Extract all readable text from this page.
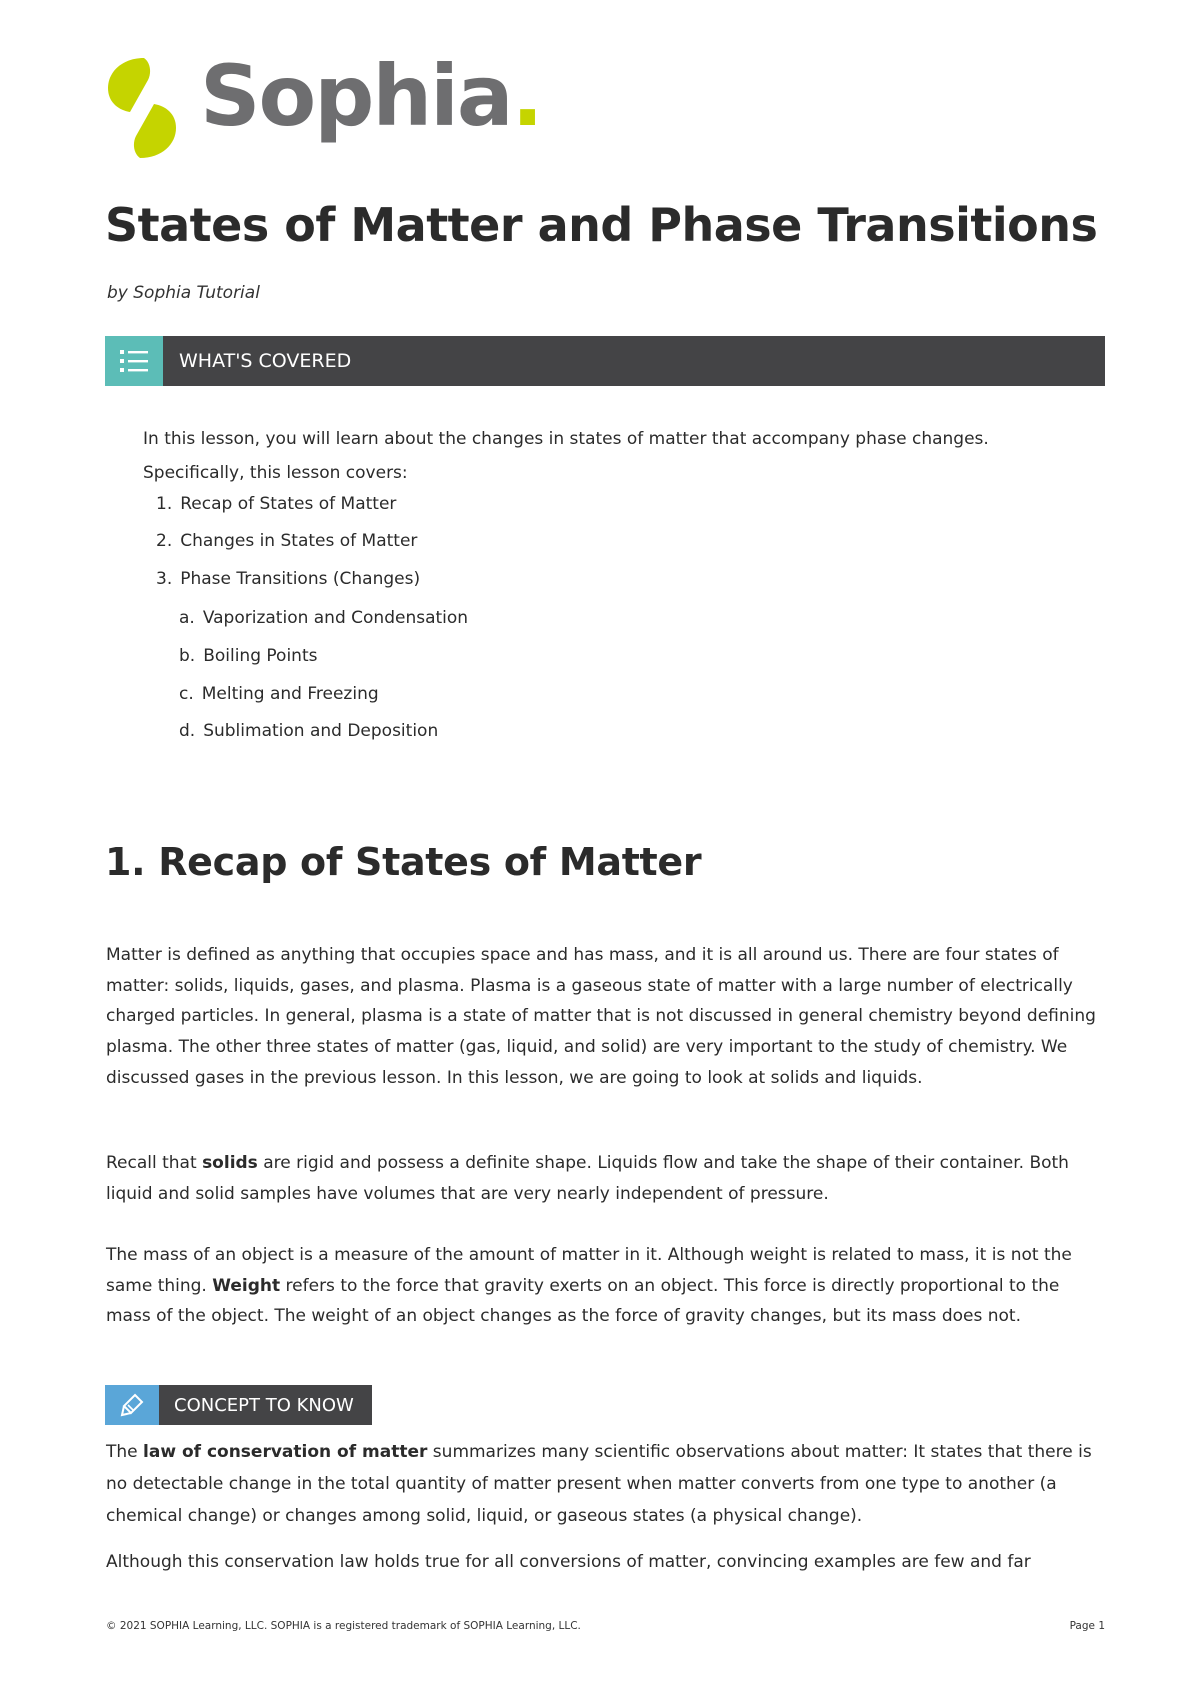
Sophia.
States of Matter and Phase Transitions
by Sophia Tutorial
WHAT'S COVERED

In this lesson, you will learn about the changes in states of matter that accompany phase changes. Specifically, this lesson covers:

1. Recap of States of Matter
2. Changes in States of Matter
3. Phase Transitions (Changes)
a. Vaporization and Condensation
b. Boiling Points
c. Melting and Freezing
d. Sublimation and Deposition
1. Recap of States of Matter

Matter is defined as anything that occupies space and has mass, and it is all around us. There are four states of matter: solids, liquids, gases, and plasma. Plasma is a gaseous state of matter with a large number of electrically charged particles. In general, plasma is a state of matter that is not discussed in general chemistry beyond defining plasma. The other three states of matter (gas, liquid, and solid) are very important to the study of chemistry. We discussed gases in the previous lesson. In this lesson, we are going to look at solids and liquids.

Recall that solids are rigid and possess a definite shape. Liquids flow and take the shape of their container. Both liquid and solid samples have volumes that are very nearly independent of pressure.

The mass of an object is a measure of the amount of matter in it. Although weight is related to mass, it is not the same thing. Weight refers to the force that gravity exerts on an object. This force is directly proportional to the mass of the object. The weight of an object changes as the force of gravity changes, but its mass does not.

CONCEPT TO KNOW

The law of conservation of matter summarizes many scientific observations about matter: It states that there is no detectable change in the total quantity of matter present when matter converts from one type to another (a chemical change) or changes among solid, liquid, or gaseous states (a physical change).

Although this conservation law holds true for all conversions of matter, convincing examples are few and far

© 2021 SOPHIA Learning, LLC. SOPHIA is a registered trademark of SOPHIA Learning, LLC.	Page 1
